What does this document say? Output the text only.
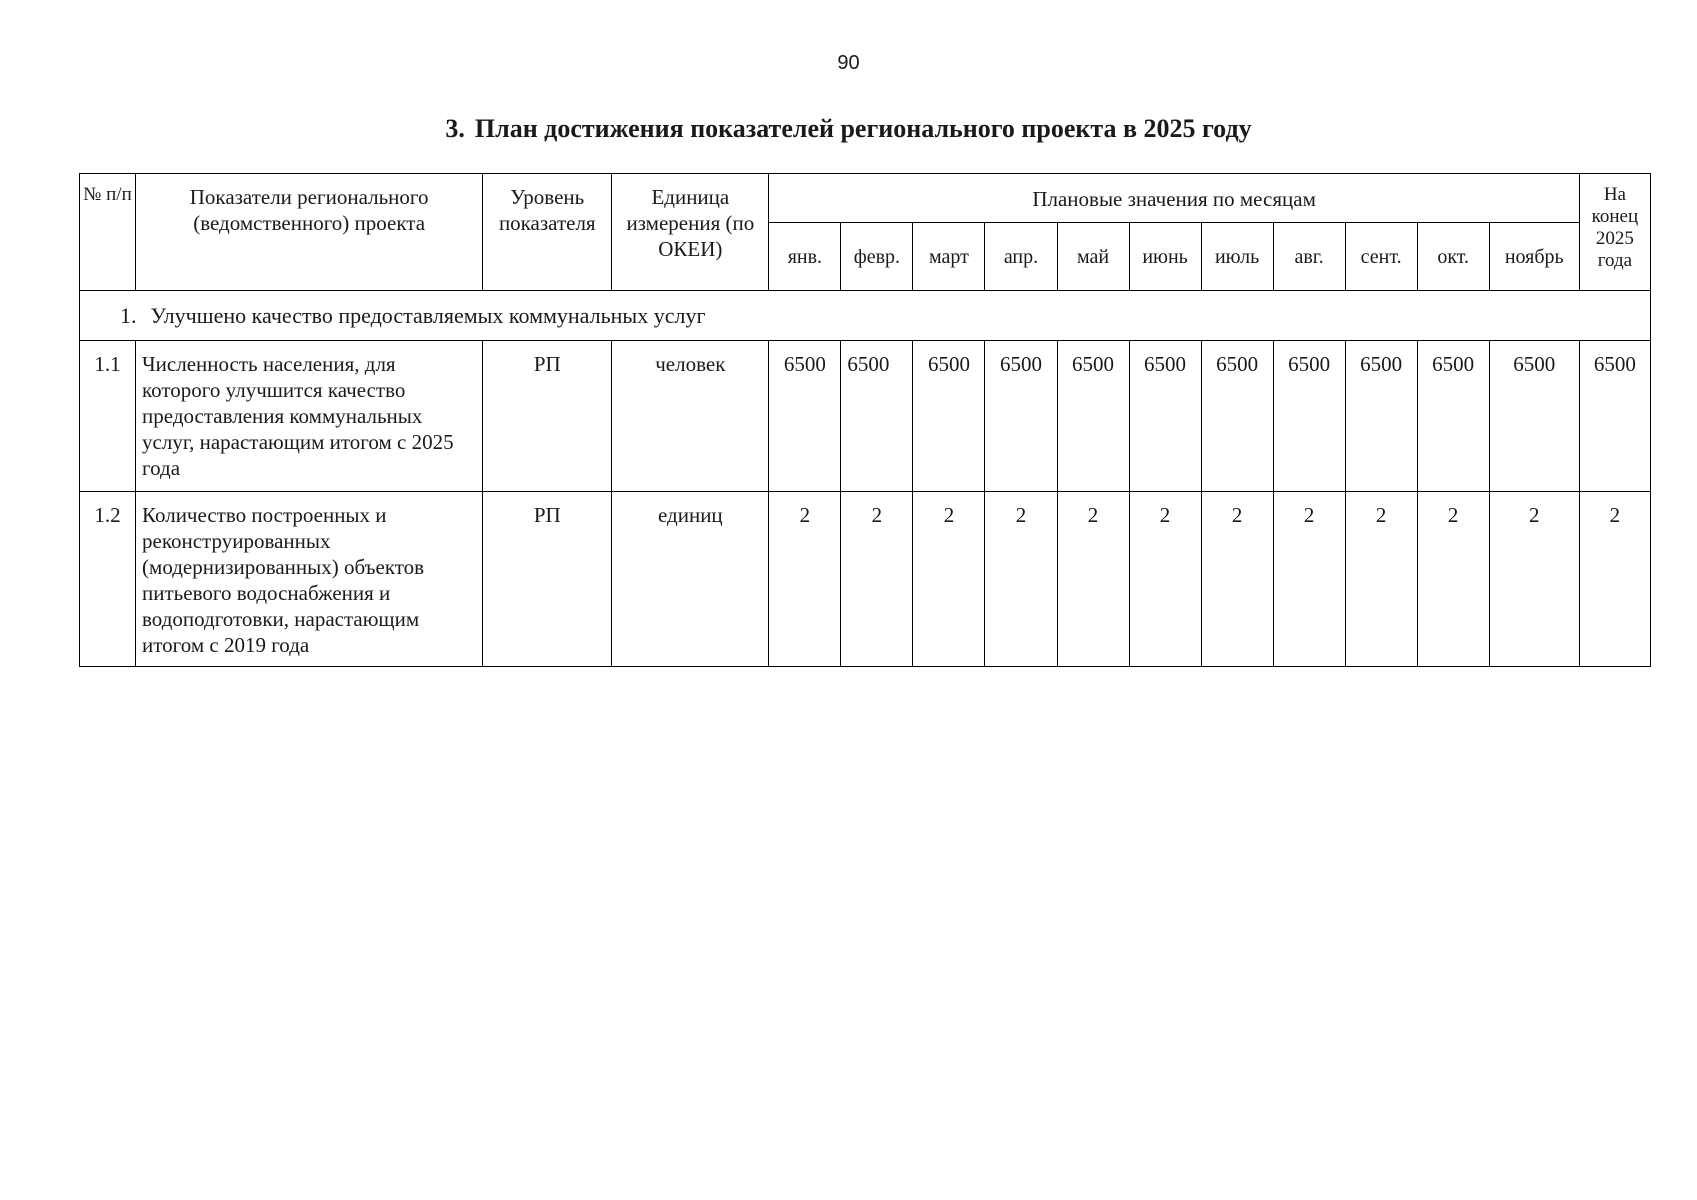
90
3. План достижения показателей регионального проекта в 2025 году
№ п/п	Показатели регионального (ведомственного) проекта	Уровень показателя	Единица измерения (по ОКЕИ)	Плановые значения по месяцам											На конец 2025 года
				янв.	февр.	март	апр.	май	июнь	июль	авг.	сент.	окт.	ноябрь	
1. Улучшено качество предоставляемых коммунальных услуг															
1.1	Численность населения, для которого улучшится качество предоставления коммунальных услуг, нарастающим итогом с 2025 года	РП	человек	6500	6500	6500	6500	6500	6500	6500	6500	6500	6500	6500	6500
1.2	Количество построенных и реконструированных (модернизированных) объектов питьевого водоснабжения и водоподготовки, нарастающим итогом с 2019 года	РП	единиц	2	2	2	2	2	2	2	2	2	2	2	2
